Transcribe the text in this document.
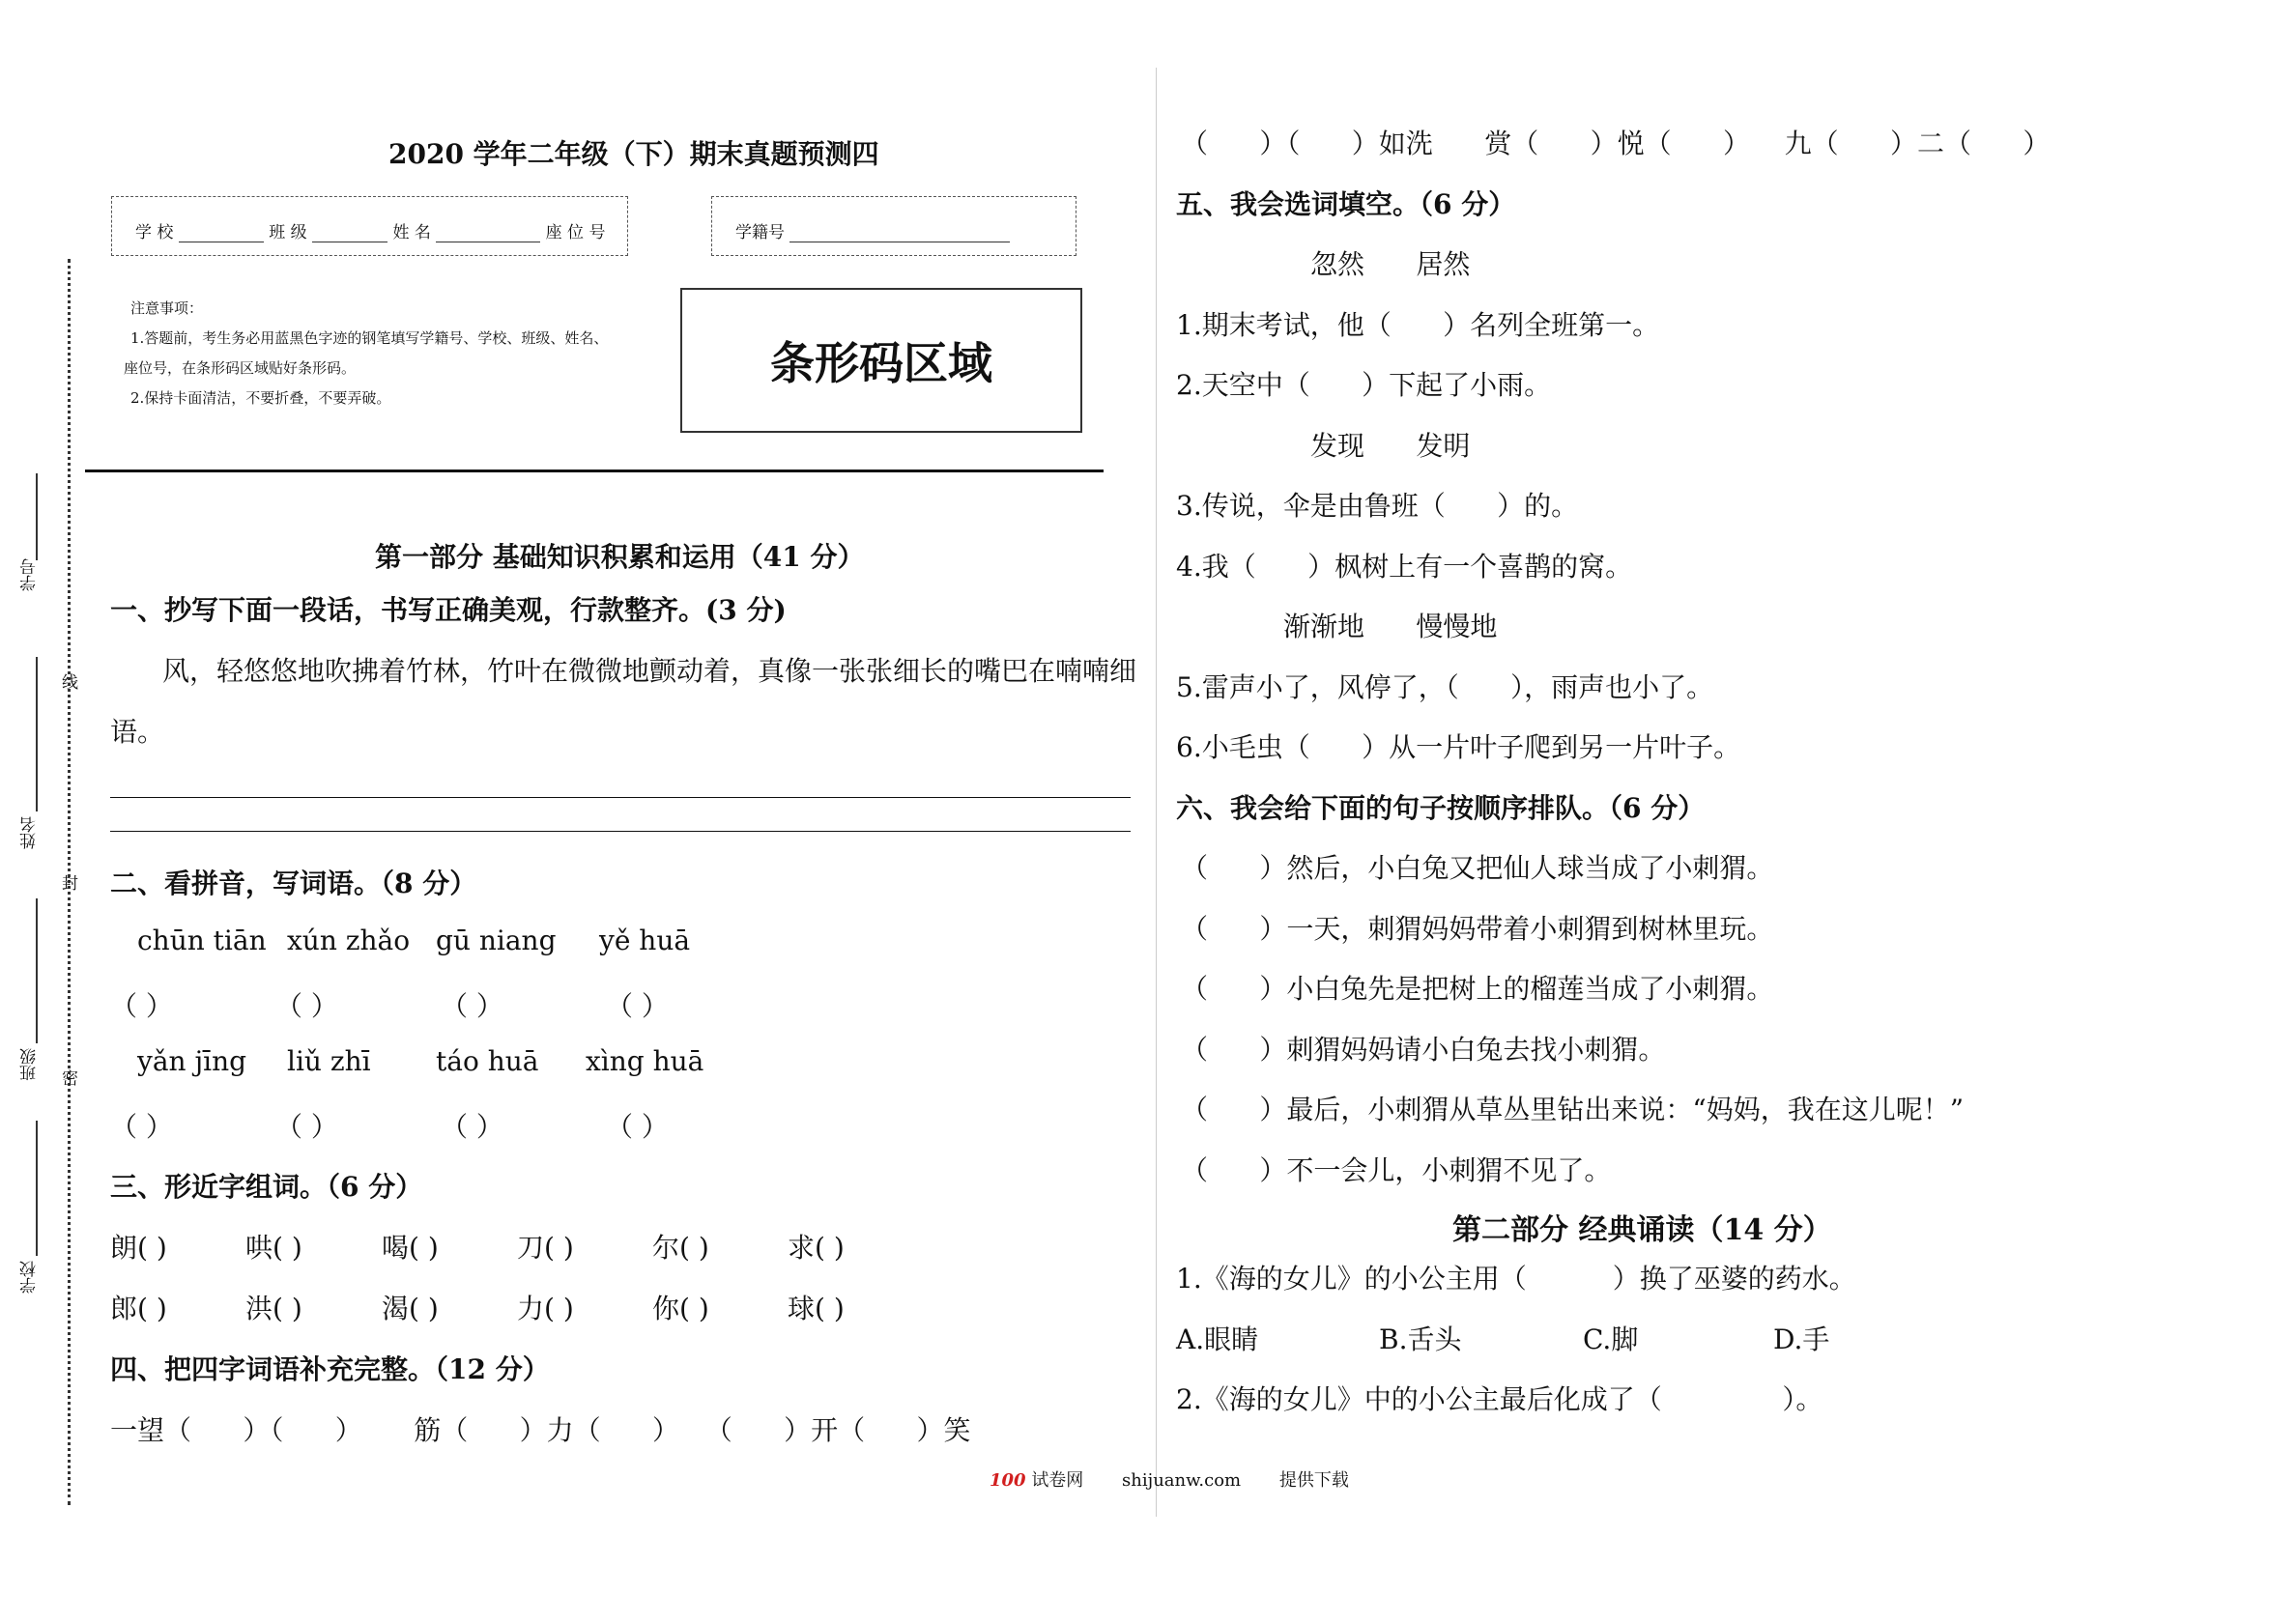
学号
姓名
班级
学校
线
封
密
2020 学年二年级（下）期末真题预测四
学 校	班 级	姓 名	座 位 号	学籍号
注意事项：
1.答题前，考生务必用蓝黑色字迹的钢笔填写学籍号、学校、班级、姓名、
座位号，在条形码区域贴好条形码。
2.保持卡面清洁，不要折叠，不要弄破。
条形码区域
第一部分 基础知识积累和运用（41 分）
一、抄写下面一段话，书写正确美观，行款整齐。(3 分)
风，轻悠悠地吹拂着竹林，竹叶在微微地颤动着，真像一张张细长的嘴巴在喃喃细
语。
二、看拼音，写词语。（8 分）
chūn tiān xún zhǎo gū niang yě huā
（ ）	（ ）	（ ）	（ ）
yǎn jīng liǔ zhī táo huā xìng huā
（ ）	（ ）	（ ）	（ ）
三、形近字组词。（6 分）
朗( )	哄( )	喝( )	刀( )	尔( )	求( )
郎( )	洪( )	渴( )	力( )	你( )	球( )
四、把四字词语补充完整。（12 分）
一望（      ）（      ）      筋（      ）力（      ）   （      ）开（      ）笑
（      ）（      ）如洗      赏（      ）悦（      ）    九（      ）二（      ）
五、我会选词填空。（6 分）
忽然      居然
1.期末考试，他（      ）名列全班第一。
2.天空中（      ）下起了小雨。
发现      发明
3.传说，伞是由鲁班（      ）的。
4.我（      ）枫树上有一个喜鹊的窝。
渐渐地      慢慢地
5.雷声小了，风停了，（      ），雨声也小了。
6.小毛虫（      ）从一片叶子爬到另一片叶子。
六、我会给下面的句子按顺序排队。（6 分）
（      ）然后，小白兔又把仙人球当成了小刺猬。
（      ）一天，刺猬妈妈带着小刺猬到树林里玩。
（      ）小白兔先是把树上的榴莲当成了小刺猬。
（      ）刺猬妈妈请小白兔去找小刺猬。
（      ）最后，小刺猬从草丛里钻出来说：“妈妈，我在这儿呢！”
（      ）不一会儿，小刺猬不见了。
第二部分 经典诵读（14 分）
1.《海的女儿》的小公主用（          ）换了巫婆的药水。
A.眼睛	B.舌头	C.脚	D.手
2.《海的女儿》中的小公主最后化成了（              ）。
100 试卷网 shijuanw.com 提供下载
